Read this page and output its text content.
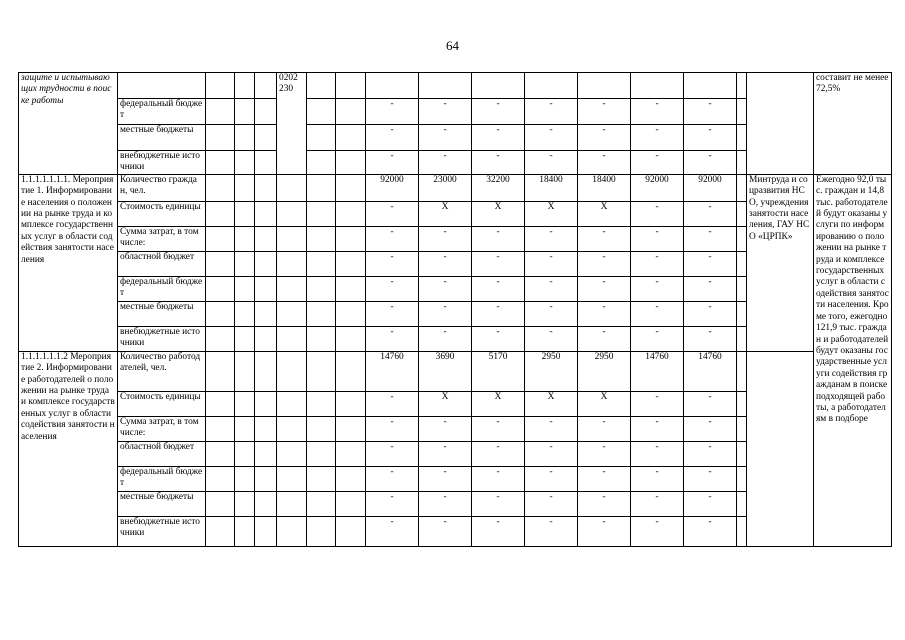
64
защите и испытывающих трудности в поиске работы					0202 230												составит не менее 72,5%
	федеральный бюджет							-	-	-	-	-	-	-			
	местные бюджеты							-	-	-	-	-	-	-			
	внебюджетные источники							-	-	-	-	-	-	-			
1.1.1.1.1.1.1. Мероприятие 1. Информирование населения о положении на рынке труда и комплексе государственных услуг в области содействия занятости населения	Количество граждан, чел.							92000	23000	32200	18400	18400	92000	92000		Минтруда и соцразвития НСО, учреждения занятости населения, ГАУ НСО «ЦРПК»	Ежегодно 92,0 тыс. граждан и 14,8 тыс. работодателей будут оказаны услуги по информированию о положении на рынке труда и комплексе государственных услуг в области содействия занятости населения. Кроме того, ежегодно 121,9 тыс. граждан и работодателей будут оказаны государственные услуги содействия гражданам в поиске подходящей работы, а работодателям в подборе
	Стоимость единицы							-	X	X	X	X	-	-			
	Сумма затрат, в том числе:							-	-	-	-	-	-	-			
	областной бюджет							-	-	-	-	-	-	-			
	федеральный бюджет							-	-	-	-	-	-	-			
	местные бюджеты							-	-	-	-	-	-	-			
	внебюджетные источники							-	-	-	-	-	-	-			
1.1.1.1.1.1.2 Мероприятие 2. Информирование работодателей о положении на рынке труда и комплексе государственных услуг в области содействия занятости населения	Количество работодателей, чел.							14760	3690	5170	2950	2950	14760	14760			
	Стоимость единицы							-	X	X	X	X	-	-			
	Сумма затрат, в том числе:							-	-	-	-	-	-	-			
	областной бюджет							-	-	-	-	-	-	-			
	федеральный бюджет							-	-	-	-	-	-	-			
	местные бюджеты							-	-	-	-	-	-	-			
	внебюджетные источники							-	-	-	-	-	-	-			
